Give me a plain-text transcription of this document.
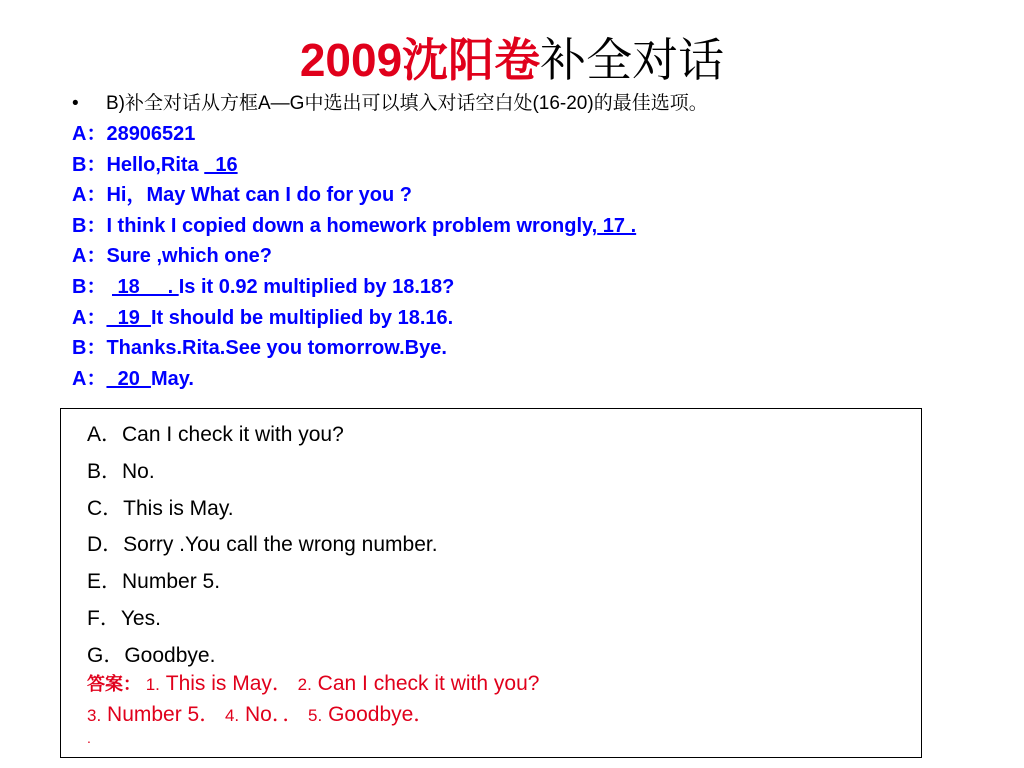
2009沈阳卷补全对话
• B)补全对话从方框A—G中选出可以填入对话空白处(16-20)的最佳选项。
A：28906521
B：Hello,Rita   16
A：Hi，May What can I do for you ?
B：I think I copied down a homework problem wrongly, 17 .
A：Sure ,which one?
B：  18     . Is it 0.92 multiplied by 18.18?
A：  19  It should be multiplied by 18.16.
B：Thanks.Rita.See you tomorrow.Bye.
A：  20  May.
A．Can I check it with you?
B．No.
C．This is May.
D．Sorry .You call the wrong number.
E．Number 5.
F．Yes.
G．Goodbye.
答案： 1. This is May． 2. Can I check it with you?
3. Number 5． 4. No．． 5. Goodbye．
.
